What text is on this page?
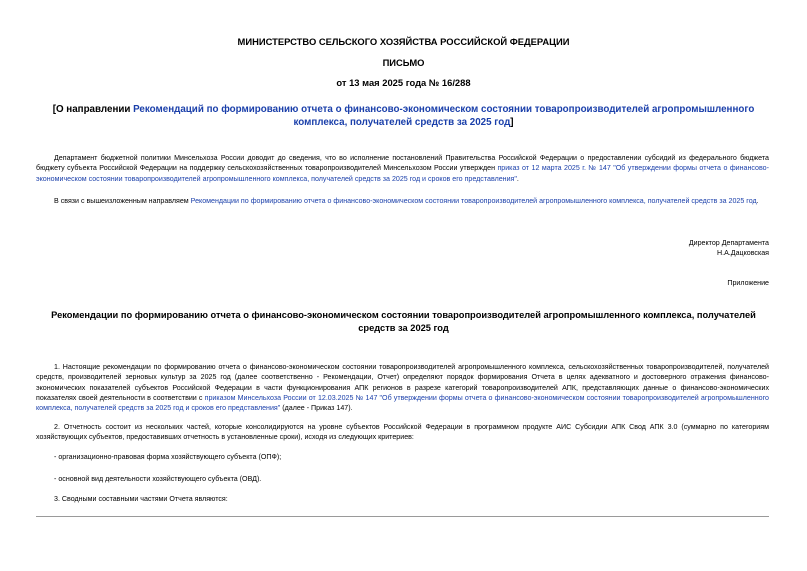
МИНИСТЕРСТВО СЕЛЬСКОГО ХОЗЯЙСТВА РОССИЙСКОЙ ФЕДЕРАЦИИ
ПИСЬМО
от 13 мая 2025 года № 16/288
[О направлении Рекомендаций по формированию отчета о финансово-экономическом состоянии товаропроизводителей агропромышленного комплекса, получателей средств за 2025 год]

Департамент бюджетной политики Минсельхоза России доводит до сведения, что во исполнение постановлений Правительства Российской Федерации о предоставлении субсидий из федерального бюджета бюджету субъекта Российской Федерации на поддержку сельскохозяйственных товаропроизводителей Минсельхозом России утвержден приказ от 12 марта 2025 г. № 147 "Об утверждении формы отчета о финансово-экономическом состоянии товаропроизводителей агропромышленного комплекса, получателей средств за 2025 год и сроков его представления".

В связи с вышеизложенным направляем Рекомендации по формированию отчета о финансово-экономическом состоянии товаропроизводителей агропромышленного комплекса, получателей средств за 2025 год.

Директор Департамента
Н.А.Дацковская
Приложение
Рекомендации по формированию отчета о финансово-экономическом состоянии товаропроизводителей агропромышленного комплекса, получателей средств за 2025 год

1. Настоящие рекомендации по формированию отчета о финансово-экономическом состоянии товаропроизводителей агропромышленного комплекса, сельскохозяйственных товаропроизводителей, получателей средств, производителей зерновых культур за 2025 год (далее соответственно - Рекомендации, Отчет) определяют порядок формирования Отчета в целях адекватного и достоверного отражения финансово-экономических показателей субъектов Российской Федерации в части функционирования АПК регионов в разрезе категорий товаропроизводителей АПК, представляющих данные о финансово-экономических показателях своей деятельности в соответствии с приказом Минсельхоза России от 12.03.2025 № 147 "Об утверждении формы отчета о финансово-экономическом состоянии товаропроизводителей агропромышленного комплекса, получателей средств за 2025 год и сроков его представления" (далее - Приказ 147).

2. Отчетность состоит из нескольких частей, которые консолидируются на уровне субъектов Российской Федерации в программном продукте АИС Субсидии АПК Свод АПК 3.0 (суммарно по категориям хозяйствующих субъектов, предоставивших отчетность в установленные сроки), исходя из следующих критериев:

- организационно-правовая форма хозяйствующего субъекта (ОПФ);

- основной вид деятельности хозяйствующего субъекта (ОВД).

3. Сводными составными частями Отчета являются:
